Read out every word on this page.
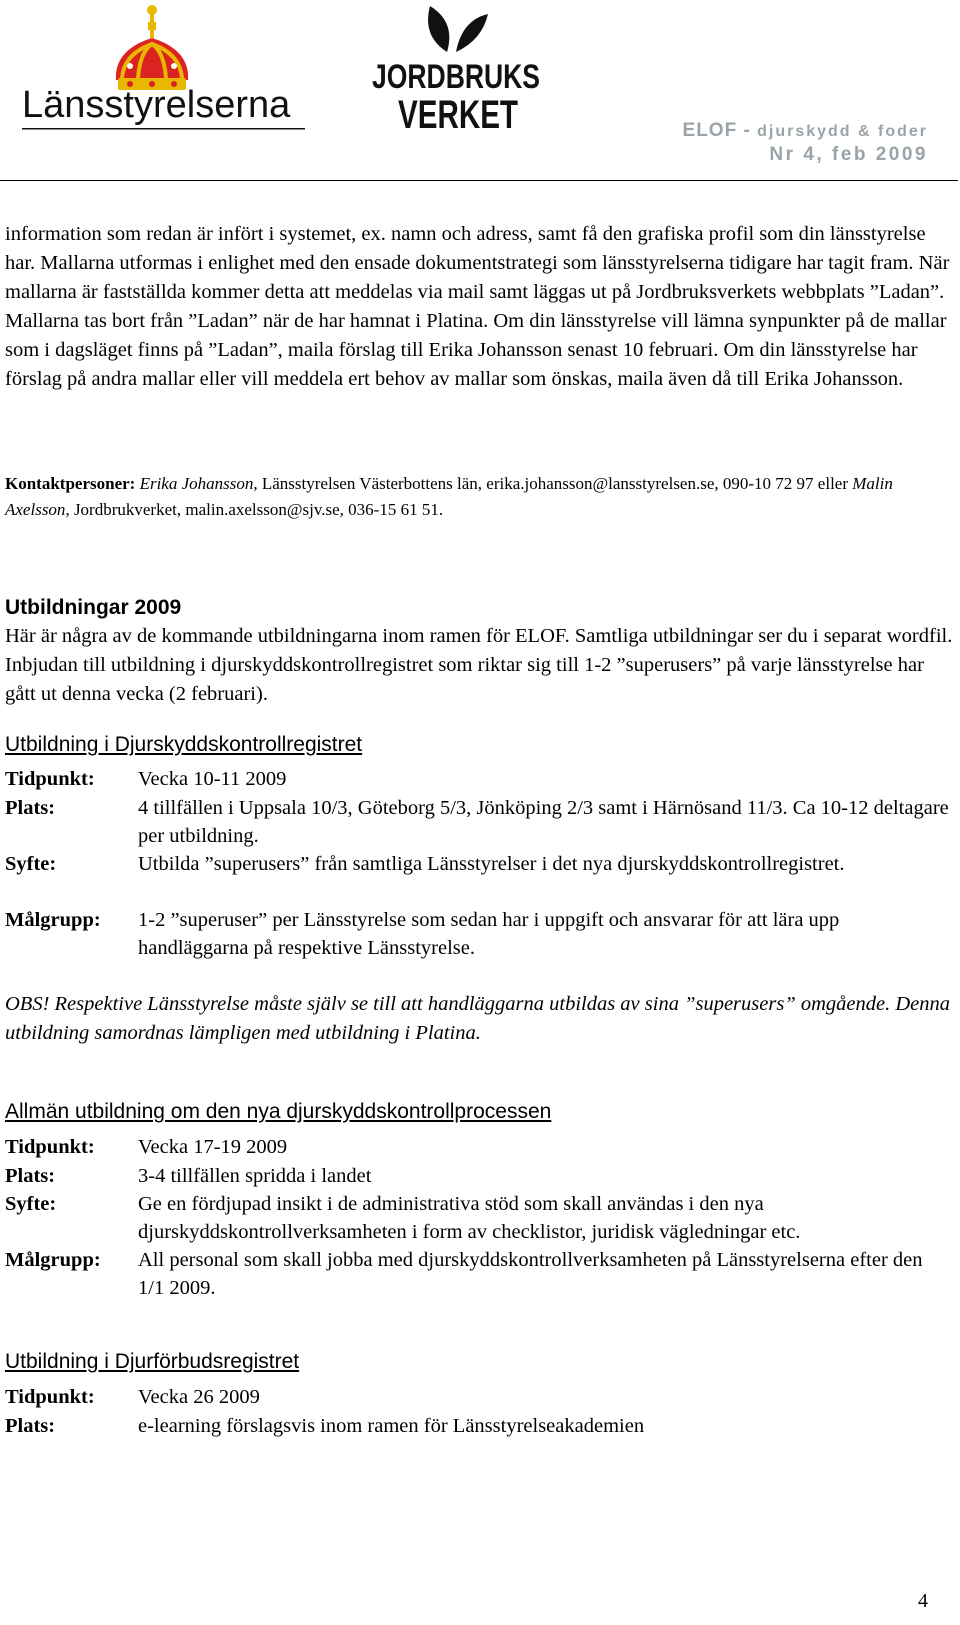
Länsstyrelserna
JORDBRUKS
VERKET	ELOF - djurskydd & foder
Nr 4, feb 2009
information som redan är infört i systemet, ex. namn och adress, samt få den grafiska profil som din länsstyrelse har. Mallarna utformas i enlighet med den ensade dokumentstrategi som länsstyrelserna tidigare har tagit fram. När mallarna är fastställda kommer detta att meddelas via mail samt läggas ut på Jordbruksverkets webbplats ”Ladan”. Mallarna tas bort från ”Ladan” när de har hamnat i Platina. Om din länsstyrelse vill lämna synpunkter på de mallar som i dagsläget finns på ”Ladan”, maila förslag till Erika Johansson senast 10 februari. Om din länsstyrelse har förslag på andra mallar eller vill meddela ert behov av mallar som önskas, maila även då till Erika Johansson.
Kontaktpersoner: Erika Johansson, Länsstyrelsen Västerbottens län, erika.johansson@lansstyrelsen.se, 090-10 72 97 eller Malin Axelsson, Jordbrukverket, malin.axelsson@sjv.se, 036-15 61 51.
Utbildningar 2009
Här är några av de kommande utbildningarna inom ramen för ELOF. Samtliga utbildningar ser du i separat wordfil. Inbjudan till utbildning i djurskyddskontrollregistret som riktar sig till 1-2 ”superusers” på varje länsstyrelse har gått ut denna vecka (2 februari).
Utbildning i Djurskyddskontrollregistret
Tidpunkt: Vecka 10-11 2009
Plats:	4 tillfällen i Uppsala 10/3, Göteborg 5/3, Jönköping 2/3 samt i Härnösand 11/3. Ca 10-12 deltagare per utbildning.
Syfte:	Utbilda ”superusers” från samtliga Länsstyrelser i det nya djurskyddskontrollregistret.
Målgrupp: 1-2 ”superuser” per Länsstyrelse som sedan har i uppgift och ansvarar för att lära upp handläggarna på respektive Länsstyrelse.
OBS! Respektive Länsstyrelse måste själv se till att handläggarna utbildas av sina ”superusers” omgående. Denna utbildning samordnas lämpligen med utbildning i Platina.
Allmän utbildning om den nya djurskyddskontrollprocessen
Tidpunkt: Vecka 17-19 2009
Plats:	3-4 tillfällen spridda i landet
Syfte:	Ge en fördjupad insikt i de administrativa stöd som skall användas i den nya djurskyddskontrollverksamheten i form av checklistor, juridisk vägledningar etc.
Målgrupp: All personal som skall jobba med djurskyddskontrollverksamheten på Länsstyrelserna efter den 1/1 2009.
Utbildning i Djurförbudsregistret
Tidpunkt: Vecka 26 2009
Plats:	e-learning förslagsvis inom ramen för Länsstyrelseakademien
4
